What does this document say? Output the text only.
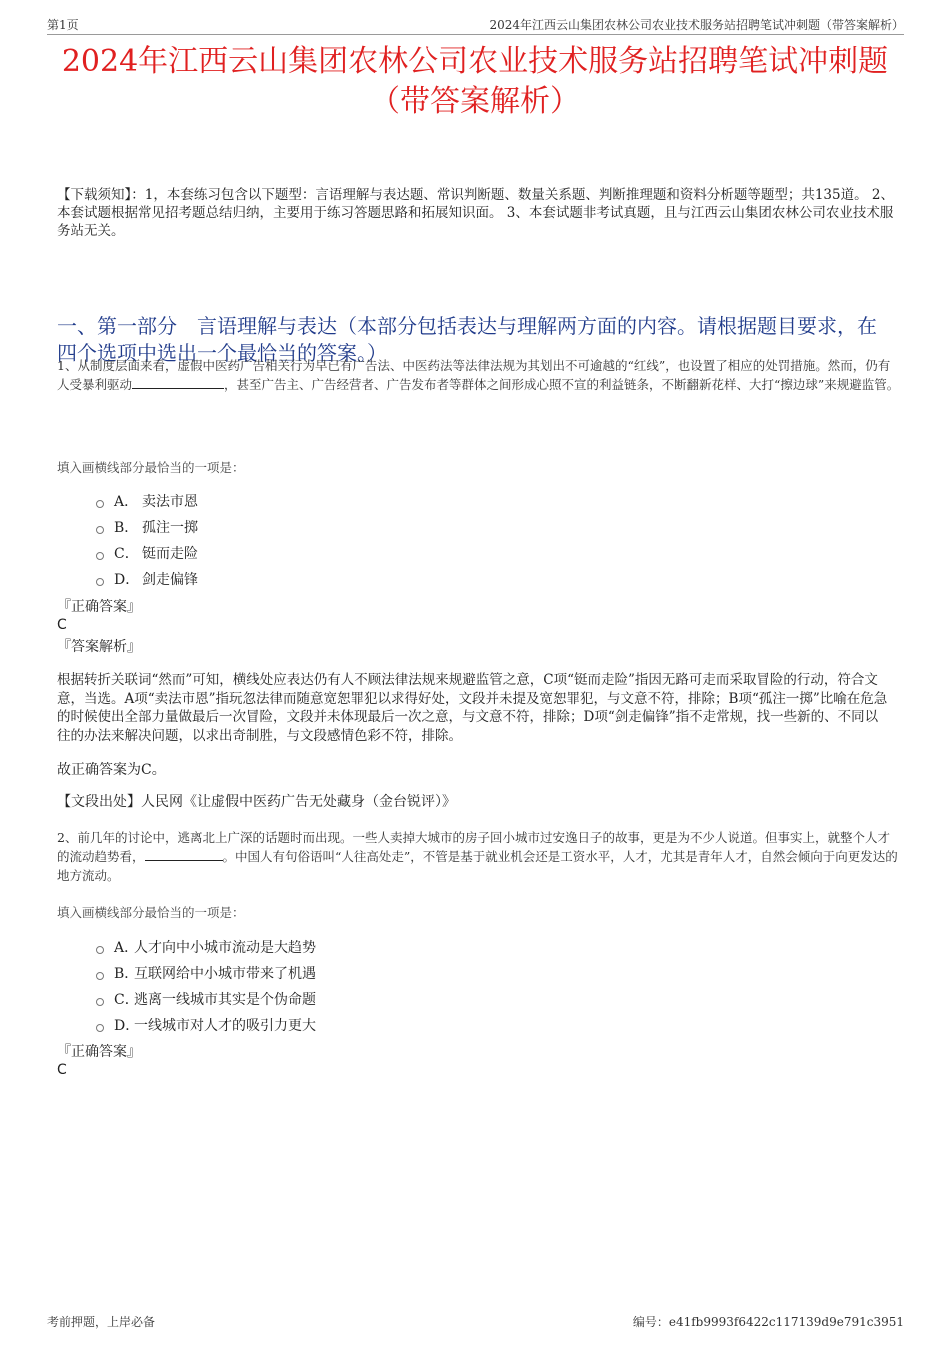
第1页	2024年江西云山集团农林公司农业技术服务站招聘笔试冲刺题（带答案解析）
2024年江西云山集团农林公司农业技术服务站招聘笔试冲刺题
（带答案解析）
【下载须知】：1，本套练习包含以下题型：言语理解与表达题、常识判断题、数量关系题、判断推理题和资料分析题等题型；共135道。 2、本套试题根据常见招考题总结归纳，主要用于练习答题思路和拓展知识面。 3、本套试题非考试真题，且与江西云山集团农林公司农业技术服务站无关。
一、第一部分　言语理解与表达（本部分包括表达与理解两方面的内容。请根据题目要求，在四个选项中选出一个最恰当的答案。）
1、从制度层面来看，虚假中医药广告相关行为早已有广告法、中医药法等法律法规为其划出不可逾越的“红线”，也设置了相应的处罚措施。然而，仍有人受暴利驱动	，甚至广告主、广告经营者、广告发布者等群体之间形成心照不宣的利益链条，不断翻新花样、大打“擦边球”来规避监管。
填入画横线部分最恰当的一项是：
A． 卖法市恩
B． 孤注一掷
C． 铤而走险
D． 剑走偏锋
『正确答案』
C
『答案解析』
根据转折关联词“然而”可知，横线处应表达仍有人不顾法律法规来规避监管之意，C项“铤而走险”指因无路可走而采取冒险的行动，符合文意，当选。A项“卖法市恩”指玩忽法律而随意宽恕罪犯以求得好处，文段并未提及宽恕罪犯，与文意不符，排除；B项“孤注一掷”比喻在危急的时候使出全部力量做最后一次冒险，文段并未体现最后一次之意，与文意不符，排除；D项“剑走偏锋”指不走常规，找一些新的、不同以往的办法来解决问题，以求出奇制胜，与文段感情色彩不符，排除。
故正确答案为C。
【文段出处】人民网《让虚假中医药广告无处藏身（金台锐评）》
2、前几年的讨论中，逃离北上广深的话题时而出现。一些人卖掉大城市的房子回小城市过安逸日子的故事，更是为不少人说道。但事实上，就整个人才的流动趋势看，	。中国人有句俗语叫“人往高处走”，不管是基于就业机会还是工资水平，人才，尤其是青年人才，自然会倾向于向更发达的地方流动。
填入画横线部分最恰当的一项是：
A．
人才向中小城市流动是大趋势
B．
互联网给中小城市带来了机遇
C．
逃离一线城市其实是个伪命题
D．
一线城市对人才的吸引力更大
『正确答案』
C
考前押题，上岸必备	编号：e41fb9993f6422c117139d9e791c3951
